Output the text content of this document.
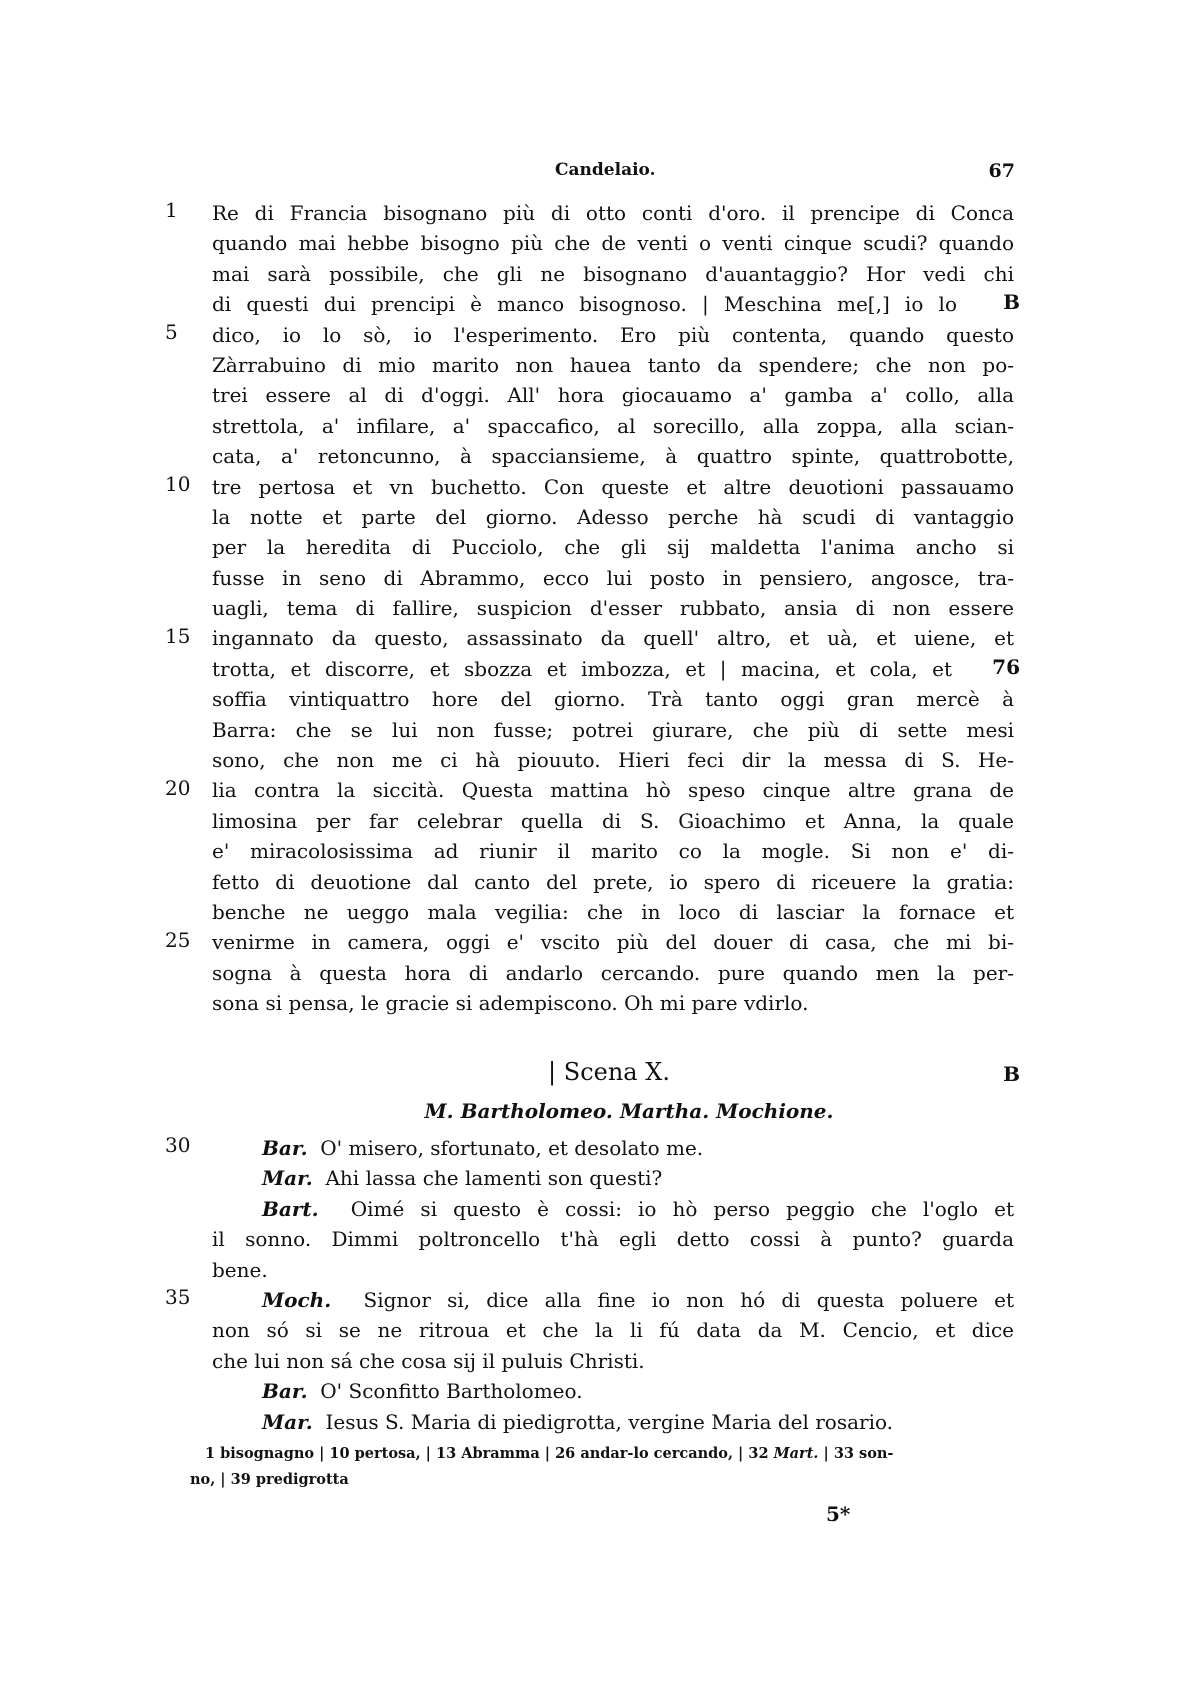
Candelaio.	67
1
5
10
15
20
25
30
35
B
76
B
Re di Francia bisognano più di otto conti d'oro. il prencipe di Conca
quando mai hebbe bisogno più che de venti o venti cinque scudi? quando
mai sarà possibile, che gli ne bisognano d'auantaggio? Hor vedi chi
di questi dui prencipi è manco bisognoso. | Meschina me[,] io lo
dico, io lo sò, io l'esperimento. Ero più contenta, quando questo
Zàrrabuino di mio marito non hauea tanto da spendere; che non po-
trei essere al di d'oggi. All' hora giocauamo a' gamba a' collo, alla
strettola, a' infilare, a' spaccafico, al sorecillo, alla zoppa, alla scian-
cata, a' retoncunno, à spacciansieme, à quattro spinte, quattrobotte,
tre pertosa et vn buchetto. Con queste et altre deuotioni passauamo
la notte et parte del giorno. Adesso perche hà scudi di vantaggio
per la heredita di Pucciolo, che gli sij maldetta l'anima ancho si
fusse in seno di Abrammo, ecco lui posto in pensiero, angosce, tra-
uagli, tema di fallire, suspicion d'esser rubbato, ansia di non essere
ingannato da questo, assassinato da quell' altro, et uà, et uiene, et
trotta, et discorre, et sbozza et imbozza, et | macina, et cola, et
soffia vintiquattro hore del giorno. Trà tanto oggi gran mercè à
Barra: che se lui non fusse; potrei giurare, che più di sette mesi
sono, che non me ci hà piouuto. Hieri feci dir la messa di S. He-
lia contra la siccità. Questa mattina hò speso cinque altre grana de
limosina per far celebrar quella di S. Gioachimo et Anna, la quale
e' miracolosissima ad riunir il marito co la mogle. Si non e' di-
fetto di deuotione dal canto del prete, io spero di riceuere la gratia:
benche ne ueggo mala vegilia: che in loco di lasciar la fornace et
venirme in camera, oggi e' vscito più del douer di casa, che mi bi-
sogna à questa hora di andarlo cercando. pure quando men la per-
sona si pensa, le gracie si adempiscono. Oh mi pare vdirlo.
| Scena X.
M. Bartholomeo. Martha. Mochione.
Bar. O' misero, sfortunato, et desolato me.
Mar. Ahi lassa che lamenti son questi?
Bart. Oimé si questo è cossi: io hò perso peggio che l'oglo et
il sonno. Dimmi poltroncello t'hà egli detto cossi à punto? guarda
bene.
Moch. Signor si, dice alla fine io non hó di questa poluere et
non só si se ne ritroua et che la li fú data da M. Cencio, et dice
che lui non sá che cosa sij il puluis Christi.
Bar. O' Sconfitto Bartholomeo.
Mar. Iesus S. Maria di piedigrotta, vergine Maria del rosario.
1 bisognagno | 10 pertosa, | 13 Abramma | 26 andar-lo cercando, | 32 Mart. | 33 son-
no, | 39 predigrotta
5*
